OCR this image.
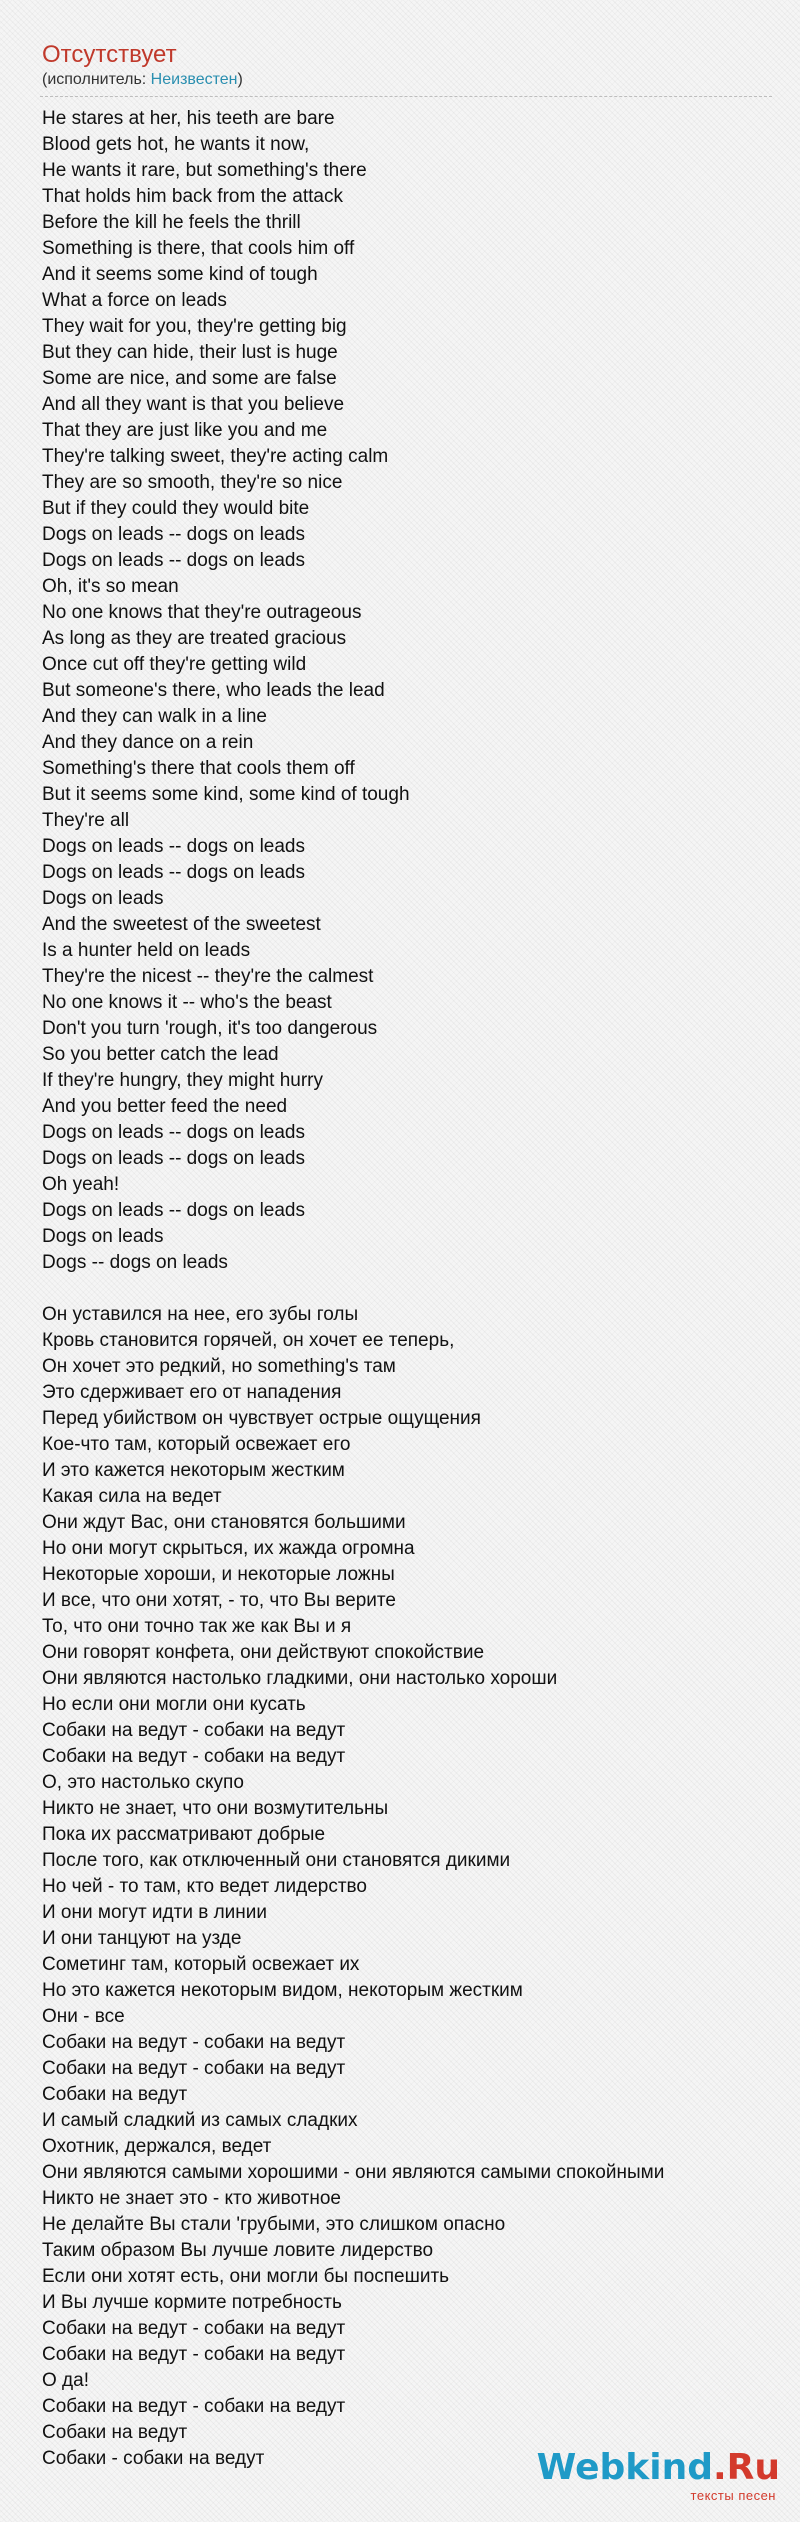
Отсутствует
(исполнитель: Неизвестен)
He stares at her, his teeth are bare
Blood gets hot, he wants it now,
He wants it rare, but something's there
That holds him back from the attack
Before the kill he feels the thrill
Something is there, that cools him off
And it seems some kind of tough
What a force on leads
They wait for you, they're getting big
But they can hide, their lust is huge
Some are nice, and some are false
And all they want is that you believe
That they are just like you and me
They're talking sweet, they're acting calm
They are so smooth, they're so nice
But if they could they would bite
Dogs on leads -- dogs on leads
Dogs on leads -- dogs on leads
Oh, it's so mean
No one knows that they're outrageous
As long as they are treated gracious
Once cut off they're getting wild
But someone's there, who leads the lead
And they can walk in a line
And they dance on a rein
Something's there that cools them off
But it seems some kind, some kind of tough
They're all
Dogs on leads -- dogs on leads
Dogs on leads -- dogs on leads
Dogs on leads
And the sweetest of the sweetest
Is a hunter held on leads
They're the nicest -- they're the calmest
No one knows it -- who's the beast
Don't you turn 'rough, it's too dangerous
So you better catch the lead
If they're hungry, they might hurry
And you better feed the need
Dogs on leads -- dogs on leads
Dogs on leads -- dogs on leads
Oh yeah!
Dogs on leads -- dogs on leads
Dogs on leads
Dogs -- dogs on leads
Он уставился на нее, его зубы голы
Кровь становится горячей, он хочет ее теперь,
Он хочет это редкий, но something's там
Это сдерживает его от нападения
Перед убийством он чувствует острые ощущения
Кое-что там, который освежает его
И это кажется некоторым жестким
Какая сила на ведет
Они ждут Вас, они становятся большими
Но они могут скрыться, их жажда огромна
Некоторые хороши, и некоторые ложны
И все, что они хотят, - то, что Вы верите
То, что они точно так же как Вы и я
Они говорят конфета, они действуют спокойствие
Они являются настолько гладкими, они настолько хороши
Но если они могли они кусать
Собаки на ведут - собаки на ведут
Собаки на ведут - собаки на ведут
О, это настолько скупо
Никто не знает, что они возмутительны
Пока их рассматривают добрые
После того, как отключенный они становятся дикими
Но чей - то там, кто ведет лидерство
И они могут идти в линии
И они танцуют на узде
Сометинг там, который освежает их
Но это кажется некоторым видом, некоторым жестким
Они - все
Собаки на ведут - собаки на ведут
Собаки на ведут - собаки на ведут
Собаки на ведут
И самый сладкий из самых сладких
Охотник, держался, ведет
Они являются самыми хорошими - они являются самыми спокойными
Никто не знает это - кто животное
Не делайте Вы стали 'грубыми, это слишком опасно
Таким образом Вы лучше ловите лидерство
Если они хотят есть, они могли бы поспешить
И Вы лучше кормите потребность
Собаки на ведут - собаки на ведут
Собаки на ведут - собаки на ведут
О да!
Собаки на ведут - собаки на ведут
Собаки на ведут
Собаки - собаки на ведут	Webkind.Ru
тексты песен
